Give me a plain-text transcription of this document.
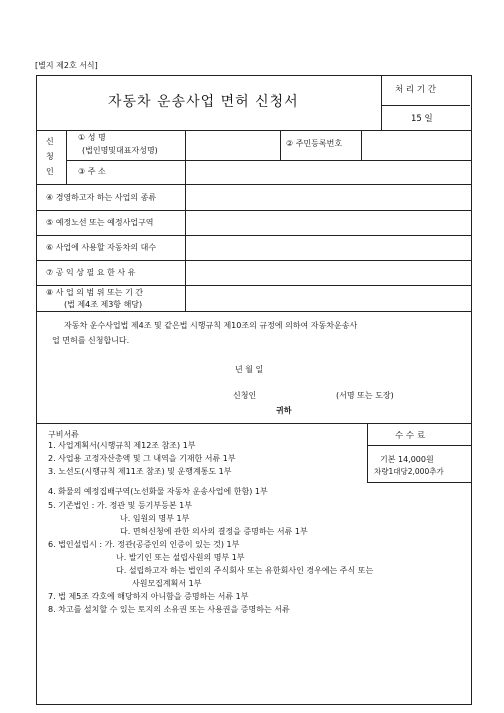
[별지 제2호 서식]
자동차 운송사업 면허 신청서
처 리 기 간
15 일
신
청
인
① 성 명
(법인명및대표자성명)
② 주민등록번호
③ 주 소
④ 경영하고자 하는 사업의 종류
⑤ 예정노선 또는 예정사업구역
⑥ 사업에 사용할 자동차의 대수
⑦ 공 익 상 필 요 한 사 유
⑧ 사 업 의 범 위 또는 기 간
(법 제4조 제3항 해당)
자동차 운수사업법 제4조 및 같은법 시행규칙 제10조의 규정에 의하여 자동차운송사
업 면허를 신청합니다.
년 월 일
신청인	(서명 또는 도장)
귀하
구비서류	수 수 료
기본 14,000원
차량1대당2,000추가
1. 사업계획서(시행규칙 제12조 참조) 1부
2. 사업용 고정자산총액 및 그 내역을 기재한 서류 1부
3. 노선도(시행규칙 제11조 참조) 및 운행계통도 1부
4. 화물의 예정집배구역(노선화물 자동차 운송사업에 한함) 1부
5. 기존법인 : 가. 정관 및 등기부등본 1부
나. 임원의 명부 1부
다. 면허신청에 관한 의사의 결정을 증명하는 서류 1부
6. 법인설립시 : 가. 정관(공증인의 인증이 있는 것) 1부
나. 발기인 또는 설립사원의 명부 1부
다. 설립하고자 하는 법인의 주식회사 또는 유한회사인 경우에는 주식 또는
사원모집계획서 1부
7. 법 제5조 각호에 해당하지 아니함을 증명하는 서류 1부
8. 차고를 설치할 수 있는 토지의 소유권 또는 사용권을 증명하는 서류
